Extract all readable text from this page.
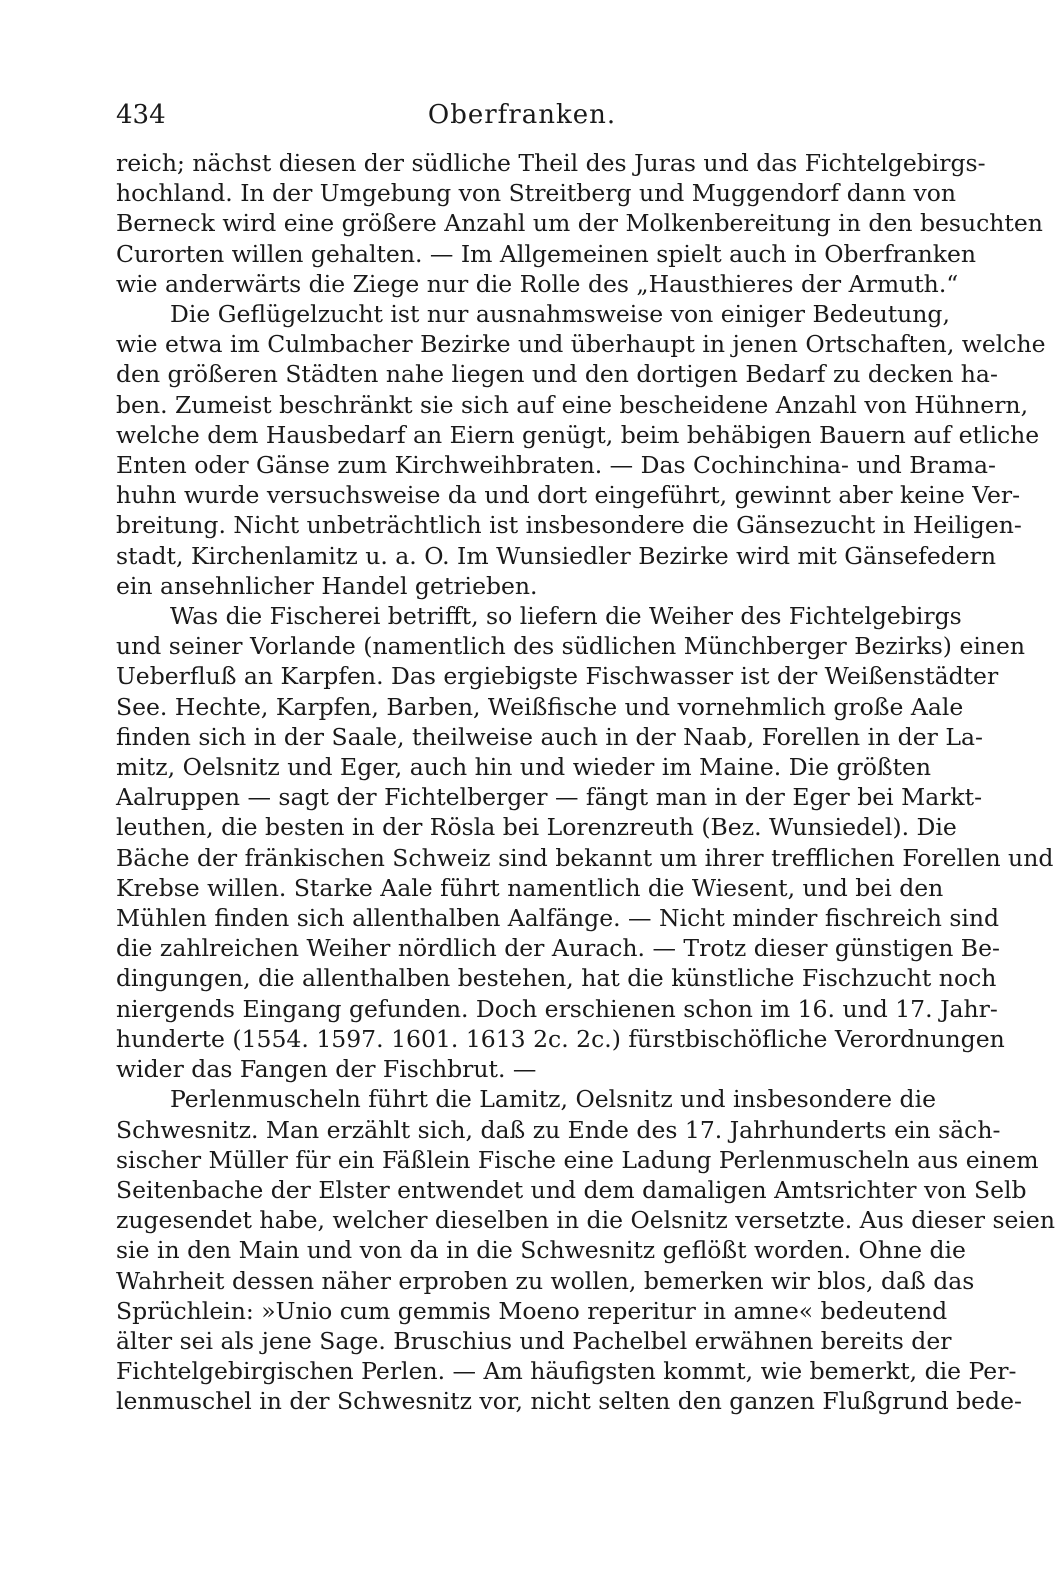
434	Oberfranken.
reich; nächst diesen der südliche Theil des Juras und das Fichtelgebirgs-
hochland. In der Umgebung von Streitberg und Muggendorf dann von
Berneck wird eine größere Anzahl um der Molkenbereitung in den besuchten
Curorten willen gehalten. — Im Allgemeinen spielt auch in Oberfranken
wie anderwärts die Ziege nur die Rolle des „Hausthieres der Armuth.“
Die Geflügelzucht ist nur ausnahmsweise von einiger Bedeutung,
wie etwa im Culmbacher Bezirke und überhaupt in jenen Ortschaften, welche
den größeren Städten nahe liegen und den dortigen Bedarf zu decken ha-
ben. Zumeist beschränkt sie sich auf eine bescheidene Anzahl von Hühnern,
welche dem Hausbedarf an Eiern genügt, beim behäbigen Bauern auf etliche
Enten oder Gänse zum Kirchweihbraten. — Das Cochinchina- und Brama-
huhn wurde versuchsweise da und dort eingeführt, gewinnt aber keine Ver-
breitung. Nicht unbeträchtlich ist insbesondere die Gänsezucht in Heiligen-
stadt, Kirchenlamitz u. a. O. Im Wunsiedler Bezirke wird mit Gänsefedern
ein ansehnlicher Handel getrieben.
Was die Fischerei betrifft, so liefern die Weiher des Fichtelgebirgs
und seiner Vorlande (namentlich des südlichen Münchberger Bezirks) einen
Ueberfluß an Karpfen. Das ergiebigste Fischwasser ist der Weißenstädter
See. Hechte, Karpfen, Barben, Weißfische und vornehmlich große Aale
finden sich in der Saale, theilweise auch in der Naab, Forellen in der La-
mitz, Oelsnitz und Eger, auch hin und wieder im Maine. Die größten
Aalruppen — sagt der Fichtelberger — fängt man in der Eger bei Markt-
leuthen, die besten in der Rösla bei Lorenzreuth (Bez. Wunsiedel). Die
Bäche der fränkischen Schweiz sind bekannt um ihrer trefflichen Forellen und
Krebse willen. Starke Aale führt namentlich die Wiesent, und bei den
Mühlen finden sich allenthalben Aalfänge. — Nicht minder fischreich sind
die zahlreichen Weiher nördlich der Aurach. — Trotz dieser günstigen Be-
dingungen, die allenthalben bestehen, hat die künstliche Fischzucht noch
niergends Eingang gefunden. Doch erschienen schon im 16. und 17. Jahr-
hunderte (1554. 1597. 1601. 1613 2c. 2c.) fürstbischöfliche Verordnungen
wider das Fangen der Fischbrut. —
Perlenmuscheln führt die Lamitz, Oelsnitz und insbesondere die
Schwesnitz. Man erzählt sich, daß zu Ende des 17. Jahrhunderts ein säch-
sischer Müller für ein Fäßlein Fische eine Ladung Perlenmuscheln aus einem
Seitenbache der Elster entwendet und dem damaligen Amtsrichter von Selb
zugesendet habe, welcher dieselben in die Oelsnitz versetzte. Aus dieser seien
sie in den Main und von da in die Schwesnitz geflößt worden. Ohne die
Wahrheit dessen näher erproben zu wollen, bemerken wir blos, daß das
Sprüchlein: »Unio cum gemmis Moeno reperitur in amne« bedeutend
älter sei als jene Sage. Bruschius und Pachelbel erwähnen bereits der
Fichtelgebirgischen Perlen. — Am häufigsten kommt, wie bemerkt, die Per-
lenmuschel in der Schwesnitz vor, nicht selten den ganzen Flußgrund bede-
